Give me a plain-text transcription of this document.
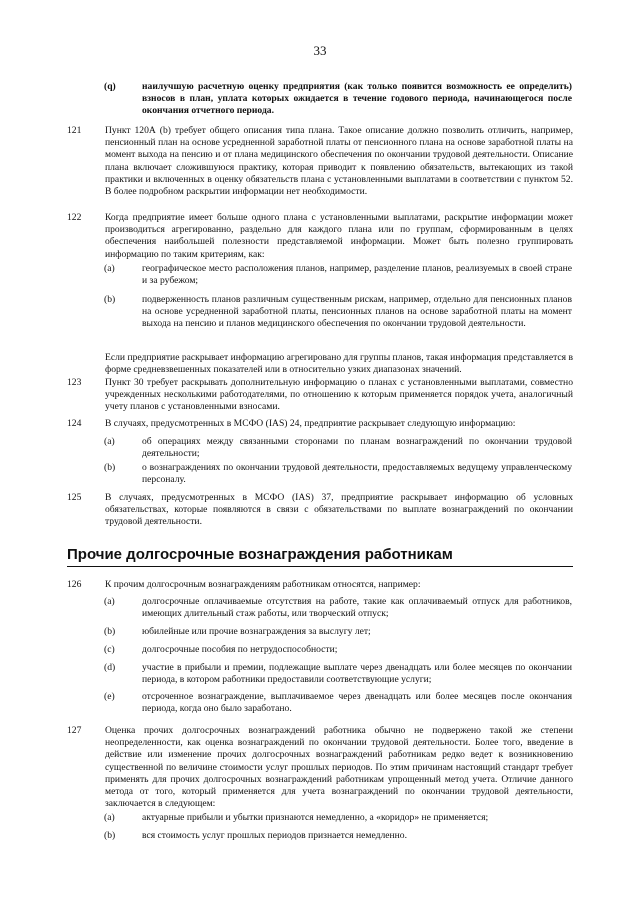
33
(q)	наилучшую расчетную оценку предприятия (как только появится возможность ее определить) взносов в план, уплата которых ожидается в течение годового периода, начинающегося после окончания отчетного периода.
121	Пункт 120А (b) требует общего описания типа плана. Такое описание должно позволить отличить, например, пенсионный план на основе усредненной заработной платы от пенсионного плана на основе заработной платы на момент выхода на пенсию и от плана медицинского обеспечения по окончании трудовой деятельности. Описание плана включает сложившуюся практику, которая приводит к появлению обязательств, вытекающих из такой практики и включенных в оценку обязательств плана с установленными выплатами в соответствии с пунктом 52. В более подробном раскрытии информации нет необходимости.

122	Когда предприятие имеет больше одного плана с установленными выплатами, раскрытие информации может производиться агрегированно, раздельно для каждого плана или по группам, сформированным в целях обеспечения наибольшей полезности представляемой информации. Может быть полезно группировать информацию по таким критериям, как:

(a)	географическое место расположения планов, например, разделение планов, реализуемых в своей стране и за рубежом;
(b)	подверженность планов различным существенным рискам, например, отдельно для пенсионных планов на основе усредненной заработной платы, пенсионных планов на основе заработной платы на момент выхода на пенсию и планов медицинского обеспечения по окончании трудовой деятельности.

Если предприятие раскрывает информацию агрегировано для группы планов, такая информация представляется в форме средневзвешенных показателей или в относительно узких диапазонах значений.

123	Пункт 30 требует раскрывать дополнительную информацию о планах с установленными выплатами, совместно учрежденных несколькими работодателями, по отношению к которым применяется порядок учета, аналогичный учету планов с установленными взносами.

124	В случаях, предусмотренных в МСФО (IAS) 24, предприятие раскрывает следующую информацию:

(a)	об операциях между связанными сторонами по планам вознаграждений по окончании трудовой деятельности;
(b)	о вознаграждениях по окончании трудовой деятельности, предоставляемых ведущему управленческому персоналу.
125	В случаях, предусмотренных в МСФО (IAS) 37, предприятие раскрывает информацию об условных обязательствах, которые появляются в связи с обязательствами по выплате вознаграждений по окончании трудовой деятельности.

Прочие долгосрочные вознаграждения работникам
126	К прочим долгосрочным вознаграждениям работникам относятся, например:

(a)	долгосрочные оплачиваемые отсутствия на работе, такие как оплачиваемый отпуск для работников, имеющих длительный стаж работы, или творческий отпуск;
(b)	юбилейные или прочие вознаграждения за выслугу лет;
(c)	долгосрочные пособия по нетрудоспособности;
(d)	участие в прибыли и премии, подлежащие выплате через двенадцать или более месяцев по окончании периода, в котором работники предоставили соответствующие услуги;
(e)	отсроченное вознаграждение, выплачиваемое через двенадцать или более месяцев после окончания периода, когда оно было заработано.
127	Оценка прочих долгосрочных вознаграждений работника обычно не подвержено такой же степени неопределенности, как оценка вознаграждений по окончании трудовой деятельности. Более того, введение в действие или изменение прочих долгосрочных вознаграждений работникам редко ведет к возникновению существенной по величине стоимости услуг прошлых периодов. По этим причинам настоящий стандарт требует применять для прочих долгосрочных вознаграждений работникам упрощенный метод учета. Отличие данного метода от того, который применяется для учета вознаграждений по окончании трудовой деятельности, заключается в следующем:

(a)	актуарные прибыли и убытки признаются немедленно, а «коридор» не применяется;
(b)	вся стоимость услуг прошлых периодов признается немедленно.
